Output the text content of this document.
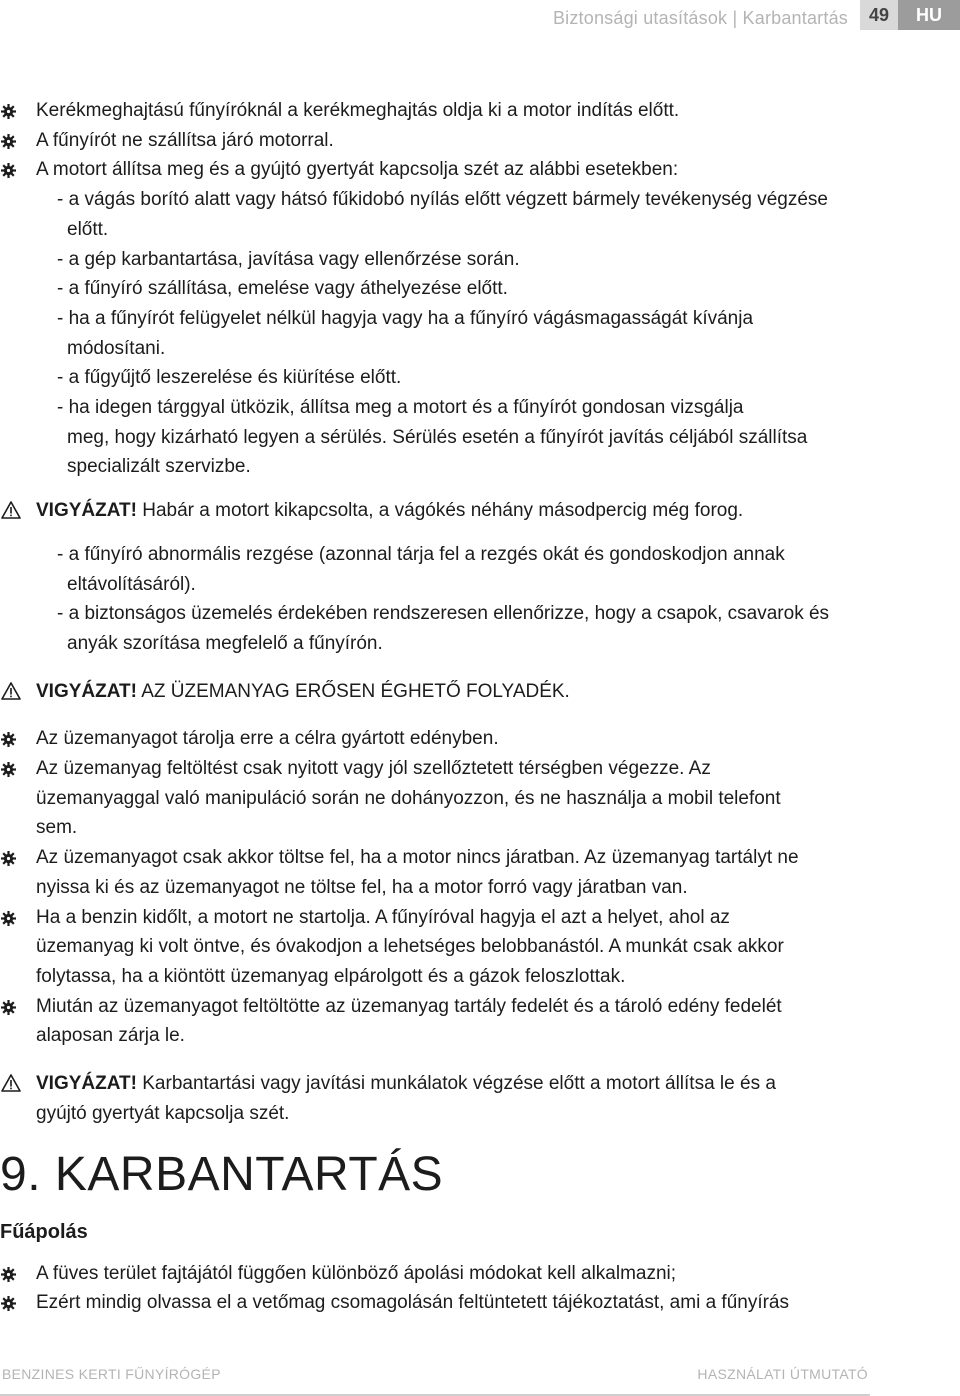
Biztonsági utasítások | Karbantartás	49	HU
Kerékmeghajtású fűnyíróknál a kerékmeghajtás oldja ki a motor indítás előtt.
A fűnyírót ne szállítsa járó motorral.
A motort állítsa meg és a gyújtó gyertyát kapcsolja szét az alábbi esetekben:
- a vágás borító alatt vagy hátsó fűkidobó nyílás előtt végzett bármely tevékenység végzése
előtt.
- a gép karbantartása, javítása vagy ellenőrzése során.
- a fűnyíró szállítása, emelése vagy áthelyezése előtt.
- ha a fűnyírót felügyelet nélkül hagyja vagy ha a fűnyíró vágásmagasságát kívánja
módosítani.
- a fűgyűjtő leszerelése és kiürítése előtt.
- ha idegen tárggyal ütközik, állítsa meg a motort és a fűnyírót gondosan vizsgálja
meg, hogy kizárható legyen a sérülés. Sérülés esetén a fűnyírót javítás céljából szállítsa
specializált szervizbe.
VIGYÁZAT! Habár a motort kikapcsolta, a vágókés néhány másodpercig még forog.
- a fűnyíró abnormális rezgése (azonnal tárja fel a rezgés okát és gondoskodjon annak
eltávolításáról).
- a biztonságos üzemelés érdekében rendszeresen ellenőrizze, hogy a csapok, csavarok és
anyák szorítása megfelelő a fűnyírón.
VIGYÁZAT! AZ ÜZEMANYAG ERŐSEN ÉGHETŐ FOLYADÉK.
Az üzemanyagot tárolja erre a célra gyártott edényben.
Az üzemanyag feltöltést csak nyitott vagy jól szellőztetett térségben végezze. Az
üzemanyaggal való manipuláció során ne dohányozzon, és ne használja a mobil telefont
sem.
Az üzemanyagot csak akkor töltse fel, ha a motor nincs járatban. Az üzemanyag tartályt ne
nyissa ki és az üzemanyagot ne töltse fel, ha a motor forró vagy járatban van.
Ha a benzin kidőlt, a motort ne startolja. A fűnyíróval hagyja el azt a helyet, ahol az
üzemanyag ki volt öntve, és óvakodjon a lehetséges belobbanástól. A munkát csak akkor
folytassa, ha a kiöntött üzemanyag elpárolgott és a gázok feloszlottak.
Miután az üzemanyagot feltöltötte az üzemanyag tartály fedelét és a tároló edény fedelét
alaposan zárja le.
VIGYÁZAT! Karbantartási vagy javítási munkálatok végzése előtt a motort állítsa le és a
gyújtó gyertyát kapcsolja szét.
9. KARBANTARTÁS
Fűápolás
A füves terület fajtájától függően különböző ápolási módokat kell alkalmazni;
Ezért mindig olvassa el a vetőmag csomagolásán feltüntetett tájékoztatást, ami a fűnyírás
BENZINES KERTI FŰNYÍRÓGÉP	HASZNÁLATI ÚTMUTATÓ
